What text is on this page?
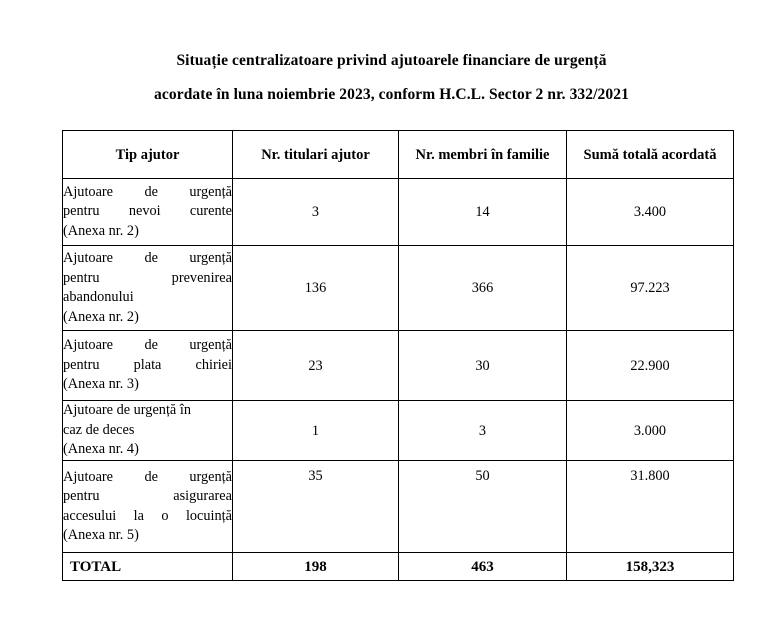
Situație centralizatoare privind ajutoarele financiare de urgență
acordate în luna noiembrie 2023, conform H.C.L. Sector 2 nr. 332/2021
Tip ajutor	Nr. titulari ajutor	Nr. membri în familie	Sumă totală acordată

Ajutoare de urgență
pentru nevoi curente
(Anexa nr. 2)	3	14	3.400

Ajutoare de urgență
pentru prevenirea
abandonului
(Anexa nr. 2)	136	366	97.223

Ajutoare de urgență
pentru plata chiriei
(Anexa nr. 3)	23	30	22.900

Ajutoare de urgență în
caz de deces
(Anexa nr. 4)	1	3	3.000

Ajutoare de urgență
pentru asigurarea
accesului la o locuință
(Anexa nr. 5)	35	50	31.800
TOTAL	198	463	158,323
